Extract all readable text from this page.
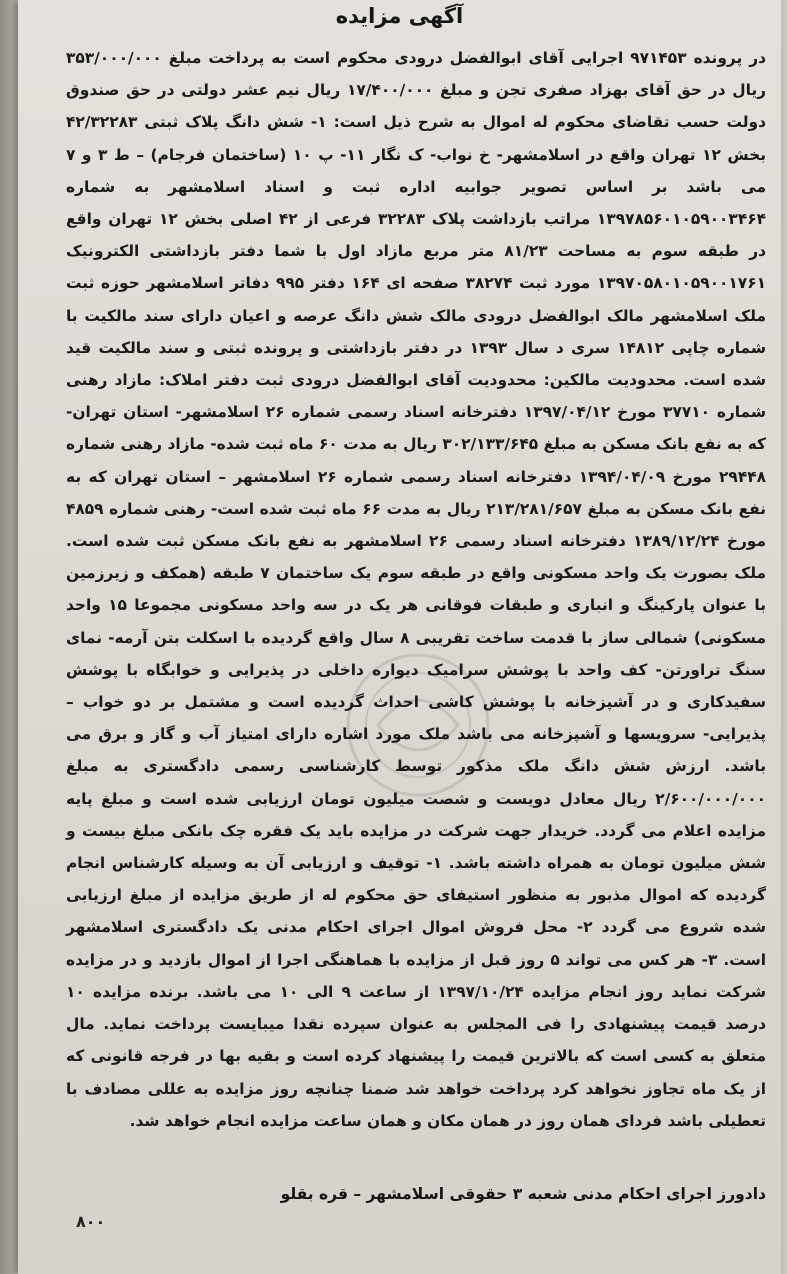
آگهی مزایده

در پرونده ۹۷۱۴۵۳ اجرایی آقای ابوالفضل درودی محکوم است به پرداخت مبلغ ۳۵۳/۰۰۰/۰۰۰ ریال در حق آقای بهزاد صفری تجن و مبلغ ۱۷/۴۰۰/۰۰۰ ریال نیم عشر دولتی در حق صندوق دولت حسب تقاضای محکوم له اموال به شرح ذیل است: ۱- شش دانگ پلاک ثبتی ۴۲/۳۲۲۸۳ بخش ۱۲ تهران واقع در اسلامشهر- خ نواب- ک نگار ۱۱- پ ۱۰ (ساختمان فرجام) – ط ۳ و ۷ می باشد بر اساس تصویر جوابیه اداره ثبت و اسناد اسلامشهر به شماره ۱۳۹۷۸۵۶۰۱۰۵۹۰۰۳۴۶۴ مراتب بازداشت پلاک ۳۲۲۸۳ فرعی از ۴۲ اصلی بخش ۱۲ تهران واقع در طبقه سوم به مساحت ۸۱/۲۳ متر مربع مازاد اول با شما دفتر بازداشتی الکترونیک ۱۳۹۷۰۵۸۰۱۰۵۹۰۰۱۷۶۱ مورد ثبت ۳۸۲۷۴ صفحه ای ۱۶۴ دفتر ۹۹۵ دفاتر اسلامشهر حوزه ثبت ملک اسلامشهر مالک ابوالفضل درودی مالک شش دانگ عرصه و اعیان دارای سند مالکیت با شماره چاپی ۱۴۸۱۲ سری د سال ۱۳۹۳ در دفتر بازداشتی و پرونده ثبتی و سند مالکیت قید شده است. محدودیت مالکین: محدودیت آقای ابوالفضل درودی ثبت دفتر املاک: مازاد رهنی شماره ۳۷۷۱۰ مورخ ۱۳۹۷/۰۴/۱۲ دفترخانه اسناد رسمی شماره ۲۶ اسلامشهر- استان تهران- که به نفع بانک مسکن به مبلغ ۳۰۲/۱۳۳/۶۴۵ ریال به مدت ۶۰ ماه ثبت شده- مازاد رهنی شماره ۲۹۴۴۸ مورخ ۱۳۹۴/۰۴/۰۹ دفترخانه اسناد رسمی شماره ۲۶ اسلامشهر – استان تهران که به نفع بانک مسکن به مبلغ ۲۱۳/۲۸۱/۶۵۷ ریال به مدت ۶۶ ماه ثبت شده است- رهنی شماره ۴۸۵۹ مورخ ۱۳۸۹/۱۲/۲۴ دفترخانه اسناد رسمی ۲۶ اسلامشهر به نفع بانک مسکن ثبت شده است. ملک بصورت یک واحد مسکونی واقع در طبقه سوم یک ساختمان ۷ طبقه (همکف و زیرزمین با عنوان پارکینگ و انباری و طبقات فوقانی هر یک در سه واحد مسکونی مجموعا ۱۵ واحد مسکونی) شمالی ساز با قدمت ساخت تقریبی ۸ سال واقع گردیده با اسکلت بتن آرمه- نمای سنگ تراورتن- کف واحد با پوشش سرامیک دیواره داخلی در پذیرایی و خوابگاه با پوشش سفیدکاری و در آشپزخانه با پوشش کاشی احداث گردیده است و مشتمل بر دو خواب – پذیرایی- سرویسها و آشپزخانه می باشد ملک مورد اشاره دارای امتیاز آب و گاز و برق می باشد. ارزش شش دانگ ملک مذکور توسط کارشناسی رسمی دادگستری به مبلغ ۲/۶۰۰/۰۰۰/۰۰۰ ریال معادل دویست و شصت میلیون تومان ارزیابی شده است و مبلغ پایه مزایده اعلام می گردد. خریدار جهت شرکت در مزایده باید یک فقره چک بانکی مبلغ بیست و شش میلیون تومان به همراه داشته باشد. ۱- توقیف و ارزیابی آن به وسیله کارشناس انجام گردیده که اموال مذبور به منظور استیفای حق محکوم له از طریق مزایده از مبلغ ارزیابی شده شروع می گردد ۲- محل فروش اموال اجرای احکام مدنی یک دادگستری اسلامشهر است. ۳- هر کس می تواند ۵ روز قبل از مزایده با هماهنگی اجرا از اموال بازدید و در مزایده شرکت نماید روز انجام مزایده ۱۳۹۷/۱۰/۲۴ از ساعت ۹ الی ۱۰ می باشد. برنده مزایده ۱۰ درصد قیمت پیشنهادی را فی المجلس به عنوان سپرده نقدا میبایست پرداخت نماید. مال متعلق به کسی است که بالاترین قیمت را پیشنهاد کرده است و بقیه بها در فرجه قانونی که از یک ماه تجاوز نخواهد کرد پرداخت خواهد شد ضمنا چنانچه روز مزایده به عللی مصادف با تعطیلی باشد فردای همان روز در همان مکان و همان ساعت مزایده انجام خواهد شد.

دادورز اجرای احکام مدنی شعبه ۳ حقوقی اسلامشهر – قره بقلو
۸۰۰
